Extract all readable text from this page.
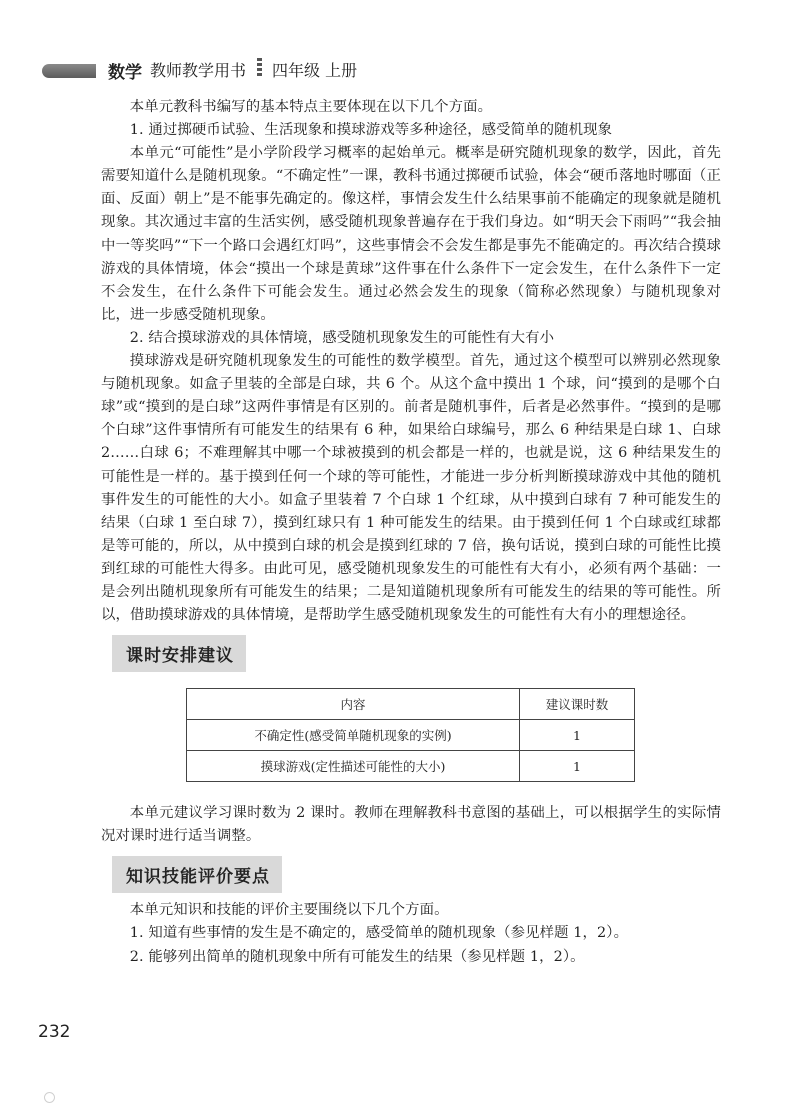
数学 教师教学用书 四年级 上册

本单元教科书编写的基本特点主要体现在以下几个方面。

1. 通过掷硬币试验、生活现象和摸球游戏等多种途径，感受简单的随机现象

本单元“可能性”是小学阶段学习概率的起始单元。概率是研究随机现象的数学，因此，首先需要知道什么是随机现象。“不确定性”一课，教科书通过掷硬币试验，体会“硬币落地时哪面（正面、反面）朝上”是不能事先确定的。像这样，事情会发生什么结果事前不能确定的现象就是随机现象。其次通过丰富的生活实例，感受随机现象普遍存在于我们身边。如“明天会下雨吗”“我会抽中一等奖吗”“下一个路口会遇红灯吗”，这些事情会不会发生都是事先不能确定的。再次结合摸球游戏的具体情境，体会“摸出一个球是黄球”这件事在什么条件下一定会发生，在什么条件下一定不会发生，在什么条件下可能会发生。通过必然会发生的现象（简称必然现象）与随机现象对比，进一步感受随机现象。

2. 结合摸球游戏的具体情境，感受随机现象发生的可能性有大有小

摸球游戏是研究随机现象发生的可能性的数学模型。首先，通过这个模型可以辨别必然现象与随机现象。如盒子里装的全部是白球，共 6 个。从这个盒中摸出 1 个球，问“摸到的是哪个白球”或“摸到的是白球”这两件事情是有区别的。前者是随机事件，后者是必然事件。“摸到的是哪个白球”这件事情所有可能发生的结果有 6 种，如果给白球编号，那么 6 种结果是白球 1、白球 2……白球 6；不难理解其中哪一个球被摸到的机会都是一样的，也就是说，这 6 种结果发生的可能性是一样的。基于摸到任何一个球的等可能性，才能进一步分析判断摸球游戏中其他的随机事件发生的可能性的大小。如盒子里装着 7 个白球 1 个红球，从中摸到白球有 7 种可能发生的结果（白球 1 至白球 7），摸到红球只有 1 种可能发生的结果。由于摸到任何 1 个白球或红球都是等可能的，所以，从中摸到白球的机会是摸到红球的 7 倍，换句话说，摸到白球的可能性比摸到红球的可能性大得多。由此可见，感受随机现象发生的可能性有大有小，必须有两个基础：一是会列出随机现象所有可能发生的结果；二是知道随机现象所有可能发生的结果的等可能性。所以，借助摸球游戏的具体情境，是帮助学生感受随机现象发生的可能性有大有小的理想途径。

课时安排建议
内容	建议课时数
不确定性(感受简单随机现象的实例)	1
摸球游戏(定性描述可能性的大小)	1

本单元建议学习课时数为 2 课时。教师在理解教科书意图的基础上，可以根据学生的实际情况对课时进行适当调整。

知识技能评价要点

本单元知识和技能的评价主要围绕以下几个方面。

1. 知道有些事情的发生是不确定的，感受简单的随机现象（参见样题 1，2）。

2. 能够列出简单的随机现象中所有可能发生的结果（参见样题 1，2）。

232
